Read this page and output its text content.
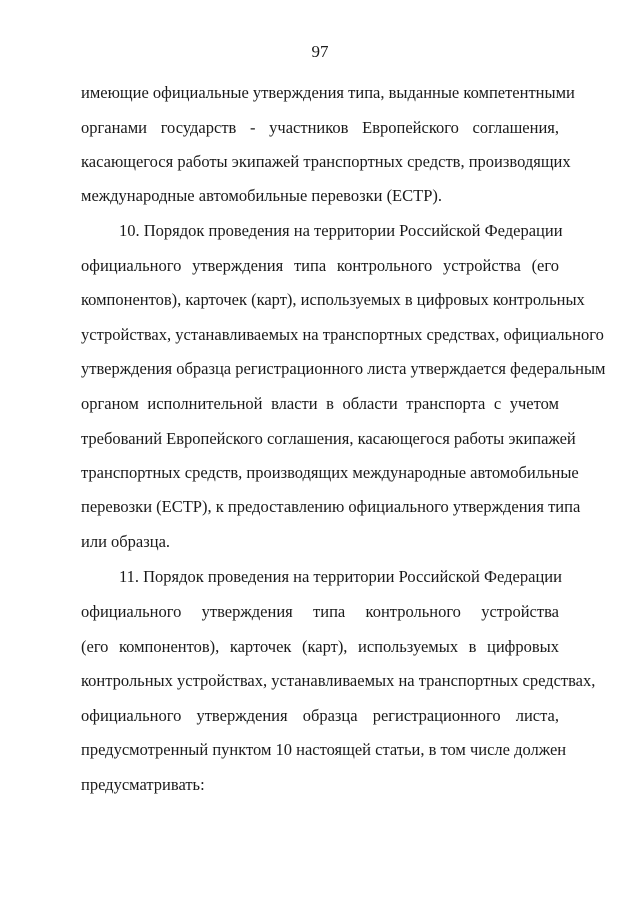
97
имеющие официальные утверждения типа, выданные компетентными
органами государств - участников Европейского соглашения,
касающегося работы экипажей транспортных средств, производящих
международные автомобильные перевозки (ЕСТР).
10. Порядок проведения на территории Российской Федерации
официального утверждения типа контрольного устройства (его
компонентов), карточек (карт), используемых в цифровых контрольных
устройствах, устанавливаемых на транспортных средствах, официального
утверждения образца регистрационного листа утверждается федеральным
органом исполнительной власти в области транспорта с учетом
требований Европейского соглашения, касающегося работы экипажей
транспортных средств, производящих международные автомобильные
перевозки (ЕСТР), к предоставлению официального утверждения типа
или образца.
11. Порядок проведения на территории Российской Федерации
официального утверждения типа контрольного устройства
(его компонентов), карточек (карт), используемых в цифровых
контрольных устройствах, устанавливаемых на транспортных средствах,
официального утверждения образца регистрационного листа,
предусмотренный пунктом 10 настоящей статьи, в том числе должен
предусматривать:
